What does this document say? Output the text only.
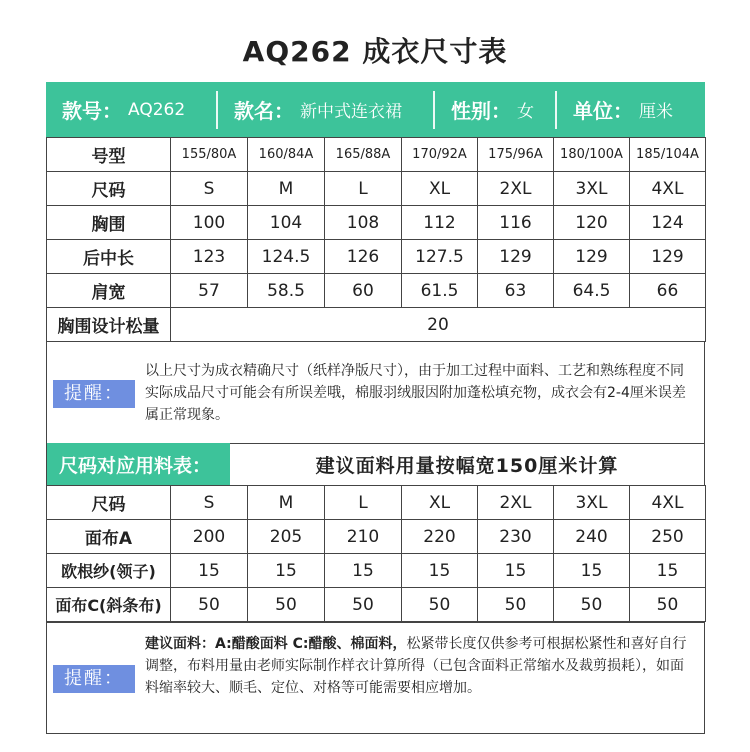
AQ262 成衣尺寸表
款号： AQ262 款名： 新中式连衣裙 性别： 女 单位： 厘米
号型	155/80A	160/84A	165/88A	170/92A	175/96A	180/100A	185/104A
尺码	S	M	L	XL	2XL	3XL	4XL
胸围	100	104	108	112	116	120	124
后中长	123	124.5	126	127.5	129	129	129
肩宽	57	58.5	60	61.5	63	64.5	66
胸围设计松量	20						
提醒：
以上尺寸为成衣精确尺寸（纸样净版尺寸），由于加工过程中面料、工艺和熟练程度不同实际成品尺寸可能会有所误差哦，棉服羽绒服因附加蓬松填充物，成衣会有2-4厘米误差属正常现象。
尺码对应用料表：	建议面料用量按幅宽150厘米计算
尺码	S	M	L	XL	2XL	3XL	4XL
面布A	200	205	210	220	230	240	250
欧根纱(领子)	15	15	15	15	15	15	15
面布C(斜条布)	50	50	50	50	50	50	50
提醒：
建议面料：A:醋酸面料 C:醋酸、棉面料，松紧带长度仅供参考可根据松紧性和喜好自行调整，布料用量由老师实际制作样衣计算所得（已包含面料正常缩水及裁剪损耗），如面料缩率较大、顺毛、定位、对格等可能需要相应增加。
